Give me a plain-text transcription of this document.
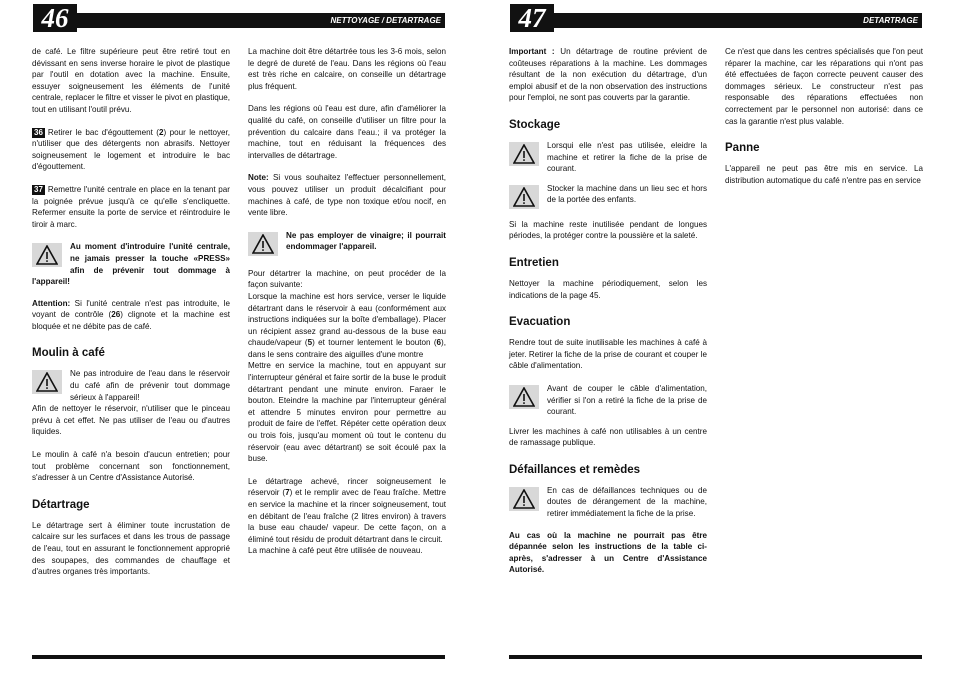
46	NETTOYAGE / DETARTRAGE

de café. Le filtre supérieure peut être retiré tout en dévissant en sens inverse horaire le pivot de plastique par l'outil en dotation avec la machine. Ensuite, essuyer soigneusement les éléments de l'unité centrale, replacer le filtre et visser le pivot en plastique, tout en utilisant l'outil prévu.

36 Retirer le bac d'égouttement (2) pour le nettoyer, n'utiliser que des détergents non abrasifs. Nettoyer soigneusement le logement et introduire le bac d'égouttement.

37 Remettre l'unité centrale en place en la tenant par la poignée prévue jusqu'à ce qu'elle s'encliquette. Refermer ensuite la porte de service et réintroduire le tiroir à marc.

Au moment d'introduire l'unité centrale, ne jamais presser la touche «PRESS» afin de prévenir tout dommage à l'appareil!

Attention: Si l'unité centrale n'est pas introduite, le voyant de contrôle (26) clignote et la machine est bloquée et ne débite pas de café.

Moulin à café
Ne pas introduire de l'eau dans le réservoir du café afin de prévenir tout dommage sérieux à l'appareil!

Afin de nettoyer le réservoir, n'utiliser que le pinceau prévu à cet effet. Ne pas utiliser de l'eau ou d'autres liquides.

Le moulin à café n'a besoin d'aucun entretien; pour tout problème concernant son fonctionnement, s'adresser à un Centre d'Assistance Autorisé.

Détartrage

Le détartrage sert à éliminer toute incrustation de calcaire sur les surfaces et dans les trous de passage de l'eau, tout en assurant le fonctionnement approprié des soupapes, des commandes de chauffage et d'autres organes très importants.

La machine doit être détartrée tous les 3-6 mois, selon le degré de dureté de l'eau. Dans les régions où l'eau est très riche en calcaire, on conseille un détartrage plus fréquent.

Dans les régions où l'eau est dure, afin d'améliorer la qualité du café, on conseille d'utiliser un filtre pour la prévention du calcaire dans l'eau.; il va protéger la machine, tout en réduisant la fréquences des intervalles de détartrage.

Note: Si vous souhaitez l'effectuer personnellement, vous pouvez utiliser un produit décalcifiant pour machines à café, de type non toxique et/ou nocif, en vente libre.

Ne pas employer de vinaigre; il pourrait endommager l'appareil.

Pour détartrer la machine, on peut procéder de la façon suivante:

Lorsque la machine est hors service, verser le liquide détartrant dans le réservoir à eau (conformément aux instructions indiquées sur la boîte d'emballage). Placer un récipient assez grand au-dessous de la buse eau chaude/vapeur (5) et tourner lentement le bouton (6), dans le sens contraire des aiguilles d'une montre

Mettre en service la machine, tout en appuyant sur l'interrupteur général et faire sortir de la buse le produit détartrant pendant une minute environ. Faraer le bouton. Eteindre la machine par l'interrupteur général et attendre 5 minutes environ pour permettre au produit de faire de l'effet. Répéter cette opération deux ou trois fois, jusqu'au moment où tout le contenu du réservoir (eau avec détartrant) se soit écoulé pax la buse.

Le détartrage achevé, rincer soigneusement le réservoir (7) et le remplir avec de l'eau fraîche. Mettre en service la machine et la rincer soigneusement, tout en débitant de l'eau fraîche (2 litres environ) à travers la buse eau chaude/ vapeur. De cette façon, on a éliminé tout résidu de produit détartrant dans le circuit.

La machine à café peut être utilisée de nouveau.

47	DETARTRAGE

Important : Un détartrage de routine prévient de coûteuses réparations à la machine. Les dommages résultant de la non exécution du détartrage, d'un emploi abusif et de la non observation des instructions pour l'emploi, ne sont pas couverts par la garantie.

Stockage
Lorsqui elle n'est pas utilisée, eleidre la machine et retirer la fiche de la prise de courant.
Stocker la machine dans un lieu sec et hors de la portée des enfants.

Si la machine reste inutilisée pendant de longues périodes, la protéger contre la poussière et la saleté.

Entretien

Nettoyer la machine périodiquement, selon les indications de la page 45.

Evacuation

Rendre tout de suite inutilisable les machines à café à jeter. Retirer la fiche de la prise de courant et couper le câble d'alimentation.

Avant de couper le câble d'alimentation, vérifier si l'on a retiré la fiche de la prise de courant.

Livrer les machines à café non utilisables à un centre de ramassage publique.

Défaillances et remèdes
En cas de défaillances techniques ou de doutes de dérangement de la machine, retirer immédiatement la fiche de la prise.

Au cas où la machine ne pourrait pas être dépannée selon les instructions de la table ci-après, s'adresser à un Centre d'Assistance Autorisé.

Ce n'est que dans les centres spécialisés que l'on peut réparer la machine, car les réparations qui n'ont pas été effectuées de façon correcte peuvent causer des dommages sérieux. Le constructeur n'est pas responsable des réparations effectuées non correctement par le personnel non autorisé: dans ce cas la garantie n'est plus valable.

Panne

L'appareil ne peut pas être mis en service. La distribution automatique du café n'entre pas en service
